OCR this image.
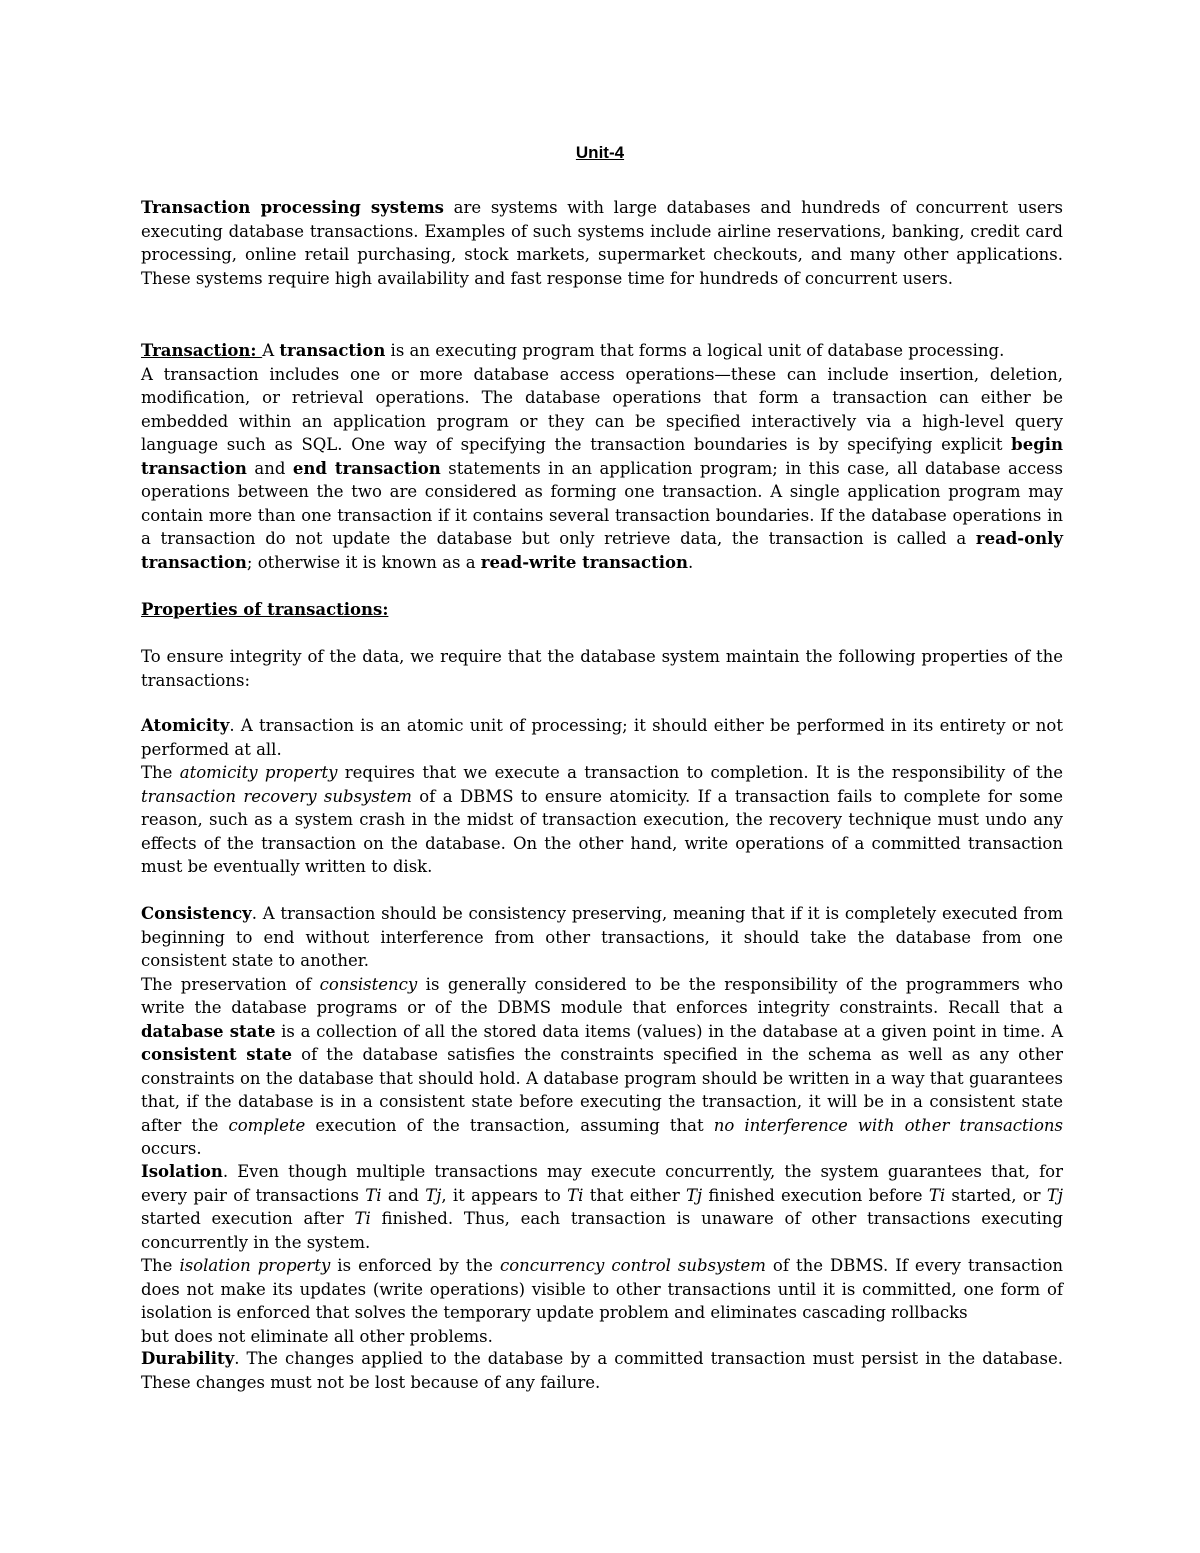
Unit-4

Transaction processing systems are systems with large databases and hundreds of concurrent users executing database transactions. Examples of such systems include airline reservations, banking, credit card processing, online retail purchasing, stock markets, supermarket checkouts, and many other applications. These systems require high availability and fast response time for hundreds of concurrent users.

Transaction: A transaction is an executing program that forms a logical unit of database processing.

A transaction includes one or more database access operations—these can include insertion, deletion, modification, or retrieval operations. The database operations that form a transaction can either be embedded within an application program or they can be specified interactively via a high-level query language such as SQL. One way of specifying the transaction boundaries is by specifying explicit begin transaction and end transaction statements in an application program; in this case, all database access operations between the two are considered as forming one transaction. A single application program may contain more than one transaction if it contains several transaction boundaries. If the database operations in a transaction do not update the database but only retrieve data, the transaction is called a read-only transaction; otherwise it is known as a read-write transaction.

Properties of transactions:

To ensure integrity of the data, we require that the database system maintain the following properties of the transactions:

Atomicity. A transaction is an atomic unit of processing; it should either be performed in its entirety or not performed at all.

The atomicity property requires that we execute a transaction to completion. It is the responsibility of the transaction recovery subsystem of a DBMS to ensure atomicity. If a transaction fails to complete for some reason, such as a system crash in the midst of transaction execution, the recovery technique must undo any effects of the transaction on the database. On the other hand, write operations of a committed transaction must be eventually written to disk.

Consistency. A transaction should be consistency preserving, meaning that if it is completely executed from beginning to end without interference from other transactions, it should take the database from one consistent state to another.

The preservation of consistency is generally considered to be the responsibility of the programmers who write the database programs or of the DBMS module that enforces integrity constraints. Recall that a database state is a collection of all the stored data items (values) in the database at a given point in time. A consistent state of the database satisfies the constraints specified in the schema as well as any other constraints on the database that should hold. A database program should be written in a way that guarantees that, if the database is in a consistent state before executing the transaction, it will be in a consistent state after the complete execution of the transaction, assuming that no interference with other transactions occurs.

Isolation. Even though multiple transactions may execute concurrently, the system guarantees that, for every pair of transactions Ti and Tj, it appears to Ti that either Tj finished execution before Ti started, or Tj started execution after Ti finished. Thus, each transaction is unaware of other transactions executing concurrently in the system.

The isolation property is enforced by the concurrency control subsystem of the DBMS. If every transaction does not make its updates (write operations) visible to other transactions until it is committed, one form of isolation is enforced that solves the temporary update problem and eliminates cascading rollbacks

but does not eliminate all other problems.

Durability. The changes applied to the database by a committed transaction must persist in the database. These changes must not be lost because of any failure.
